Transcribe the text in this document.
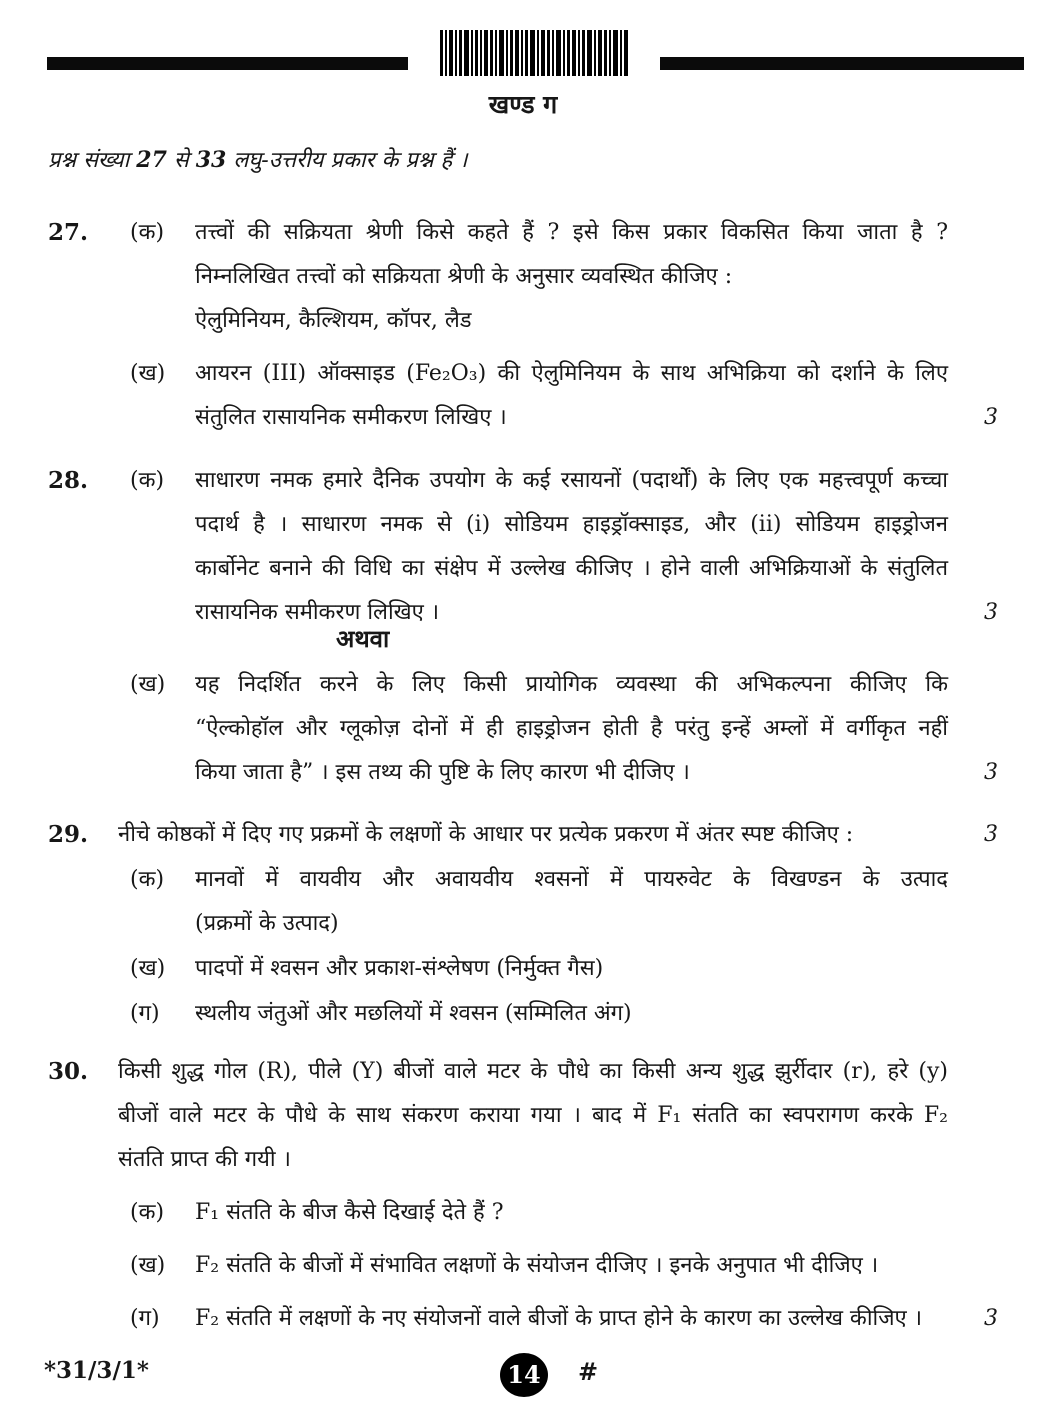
खण्ड ग
प्रश्न संख्या 27 से 33 लघु-उत्तरीय प्रकार के प्रश्न हैं ।
27.	(क)	तत्त्वों की सक्रियता श्रेणी किसे कहते हैं ? इसे किस प्रकार विकसित किया जाता है ?
निम्नलिखित तत्त्वों को सक्रियता श्रेणी के अनुसार व्यवस्थित कीजिए :
ऐलुमिनियम, कैल्शियम, कॉपर, लैड
(ख)	आयरन (III) ऑक्साइड (Fe₂O₃) की ऐलुमिनियम के साथ अभिक्रिया को दर्शाने के लिए
संतुलित रासायनिक समीकरण लिखिए ।	3
28.	(क)	साधारण नमक हमारे दैनिक उपयोग के कई रसायनों (पदार्थों) के लिए एक महत्त्वपूर्ण कच्चा
पदार्थ है । साधारण नमक से (i) सोडियम हाइड्रॉक्साइड, और (ii) सोडियम हाइड्रोजन
कार्बोनेट बनाने की विधि का संक्षेप में उल्लेख कीजिए । होने वाली अभिक्रियाओं के संतुलित
रासायनिक समीकरण लिखिए ।	3
अथवा
(ख)	यह निदर्शित करने के लिए किसी प्रायोगिक व्यवस्था की अभिकल्पना कीजिए कि
“ऐल्कोहॉल और ग्लूकोज़ दोनों में ही हाइड्रोजन होती है परंतु इन्हें अम्लों में वर्गीकृत नहीं
किया जाता है” । इस तथ्य की पुष्टि के लिए कारण भी दीजिए ।	3
29.	नीचे कोष्ठकों में दिए गए प्रक्रमों के लक्षणों के आधार पर प्रत्येक प्रकरण में अंतर स्पष्ट कीजिए :	3
(क)	मानवों में वायवीय और अवायवीय श्वसनों में पायरुवेट के विखण्डन के उत्पाद
(प्रक्रमों के उत्पाद)
(ख)	पादपों में श्वसन और प्रकाश-संश्लेषण (निर्मुक्त गैस)
(ग)	स्थलीय जंतुओं और मछलियों में श्वसन (सम्मिलित अंग)
30.	किसी शुद्ध गोल (R), पीले (Y) बीजों वाले मटर के पौधे का किसी अन्य शुद्ध झुर्रीदार (r), हरे (y)
बीजों वाले मटर के पौधे के साथ संकरण कराया गया । बाद में F₁ संतति का स्वपरागण करके F₂
संतति प्राप्त की गयी ।
(क)	F₁ संतति के बीज कैसे दिखाई देते हैं ?
(ख)	F₂ संतति के बीजों में संभावित लक्षणों के संयोजन दीजिए । इनके अनुपात भी दीजिए ।
(ग)	F₂ संतति में लक्षणों के नए संयोजनों वाले बीजों के प्राप्त होने के कारण का उल्लेख कीजिए ।	3
*31/3/1*	14	#
